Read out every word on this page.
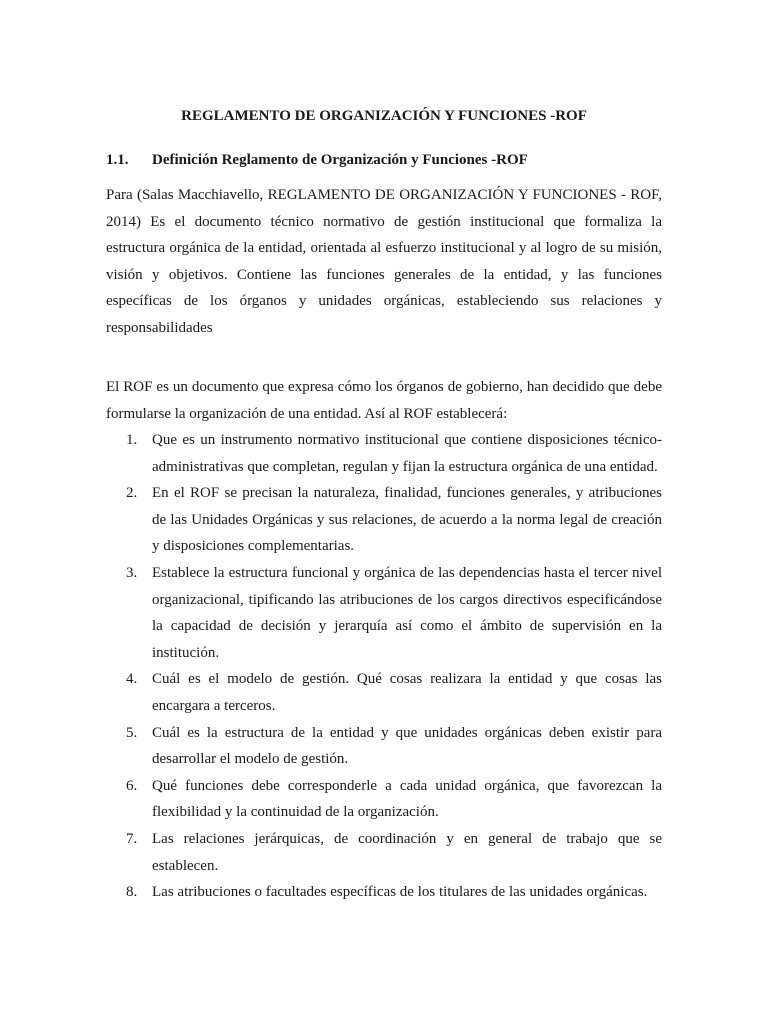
REGLAMENTO DE ORGANIZACIÓN Y FUNCIONES -ROF
1.1. Definición Reglamento de Organización y Funciones -ROF

Para (Salas Macchiavello, REGLAMENTO DE ORGANIZACIÓN Y FUNCIONES - ROF, 2014) Es el documento técnico normativo de gestión institucional que formaliza la estructura orgánica de la entidad, orientada al esfuerzo institucional y al logro de su misión, visión y objetivos. Contiene las funciones generales de la entidad, y las funciones específicas de los órganos y unidades orgánicas, estableciendo sus relaciones y responsabilidades

El ROF es un documento que expresa cómo los órganos de gobierno, han decidido que debe formularse la organización de una entidad. Así al ROF establecerá:

1. Que es un instrumento normativo institucional que contiene disposiciones técnico-administrativas que completan, regulan y fijan la estructura orgánica de una entidad.
2. En el ROF se precisan la naturaleza, finalidad, funciones generales, y atribuciones de las Unidades Orgánicas y sus relaciones, de acuerdo a la norma legal de creación y disposiciones complementarias.
3. Establece la estructura funcional y orgánica de las dependencias hasta el tercer nivel organizacional, tipificando las atribuciones de los cargos directivos especificándose la capacidad de decisión y jerarquía así como el ámbito de supervisión en la institución.
4. Cuál es el modelo de gestión. Qué cosas realizara la entidad y que cosas las encargara a terceros.
5. Cuál es la estructura de la entidad y que unidades orgánicas deben existir para desarrollar el modelo de gestión.
6. Qué funciones debe corresponderle a cada unidad orgánica, que favorezcan la flexibilidad y la continuidad de la organización.
7. Las relaciones jerárquicas, de coordinación y en general de trabajo que se establecen.
8. Las atribuciones o facultades específicas de los titulares de las unidades orgánicas.
